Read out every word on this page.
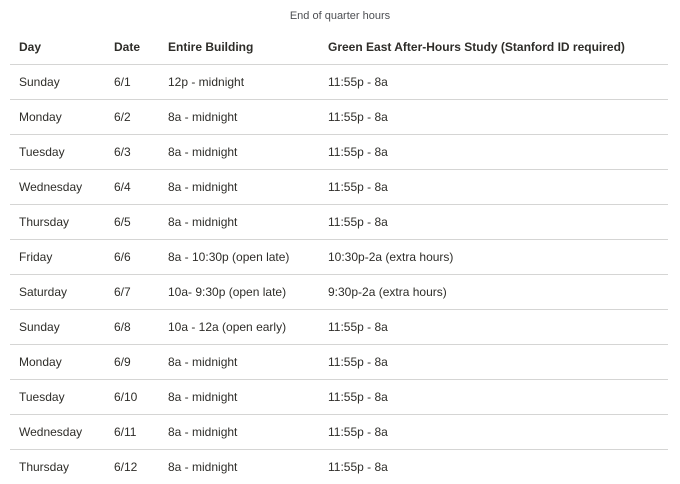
End of quarter hours
Day	Date	Entire Building	Green East After-Hours Study (Stanford ID required)
Sunday	6/1	12p - midnight	11:55p - 8a
Monday	6/2	8a - midnight	11:55p - 8a
Tuesday	6/3	8a - midnight	11:55p - 8a
Wednesday	6/4	8a - midnight	11:55p - 8a
Thursday	6/5	8a - midnight	11:55p - 8a
Friday	6/6	8a - 10:30p (open late)	10:30p-2a (extra hours)
Saturday	6/7	10a- 9:30p (open late)	9:30p-2a (extra hours)
Sunday	6/8	10a - 12a (open early)	11:55p - 8a
Monday	6/9	8a - midnight	11:55p - 8a
Tuesday	6/10	8a - midnight	11:55p - 8a
Wednesday	6/11	8a - midnight	11:55p - 8a
Thursday	6/12	8a - midnight	11:55p - 8a
